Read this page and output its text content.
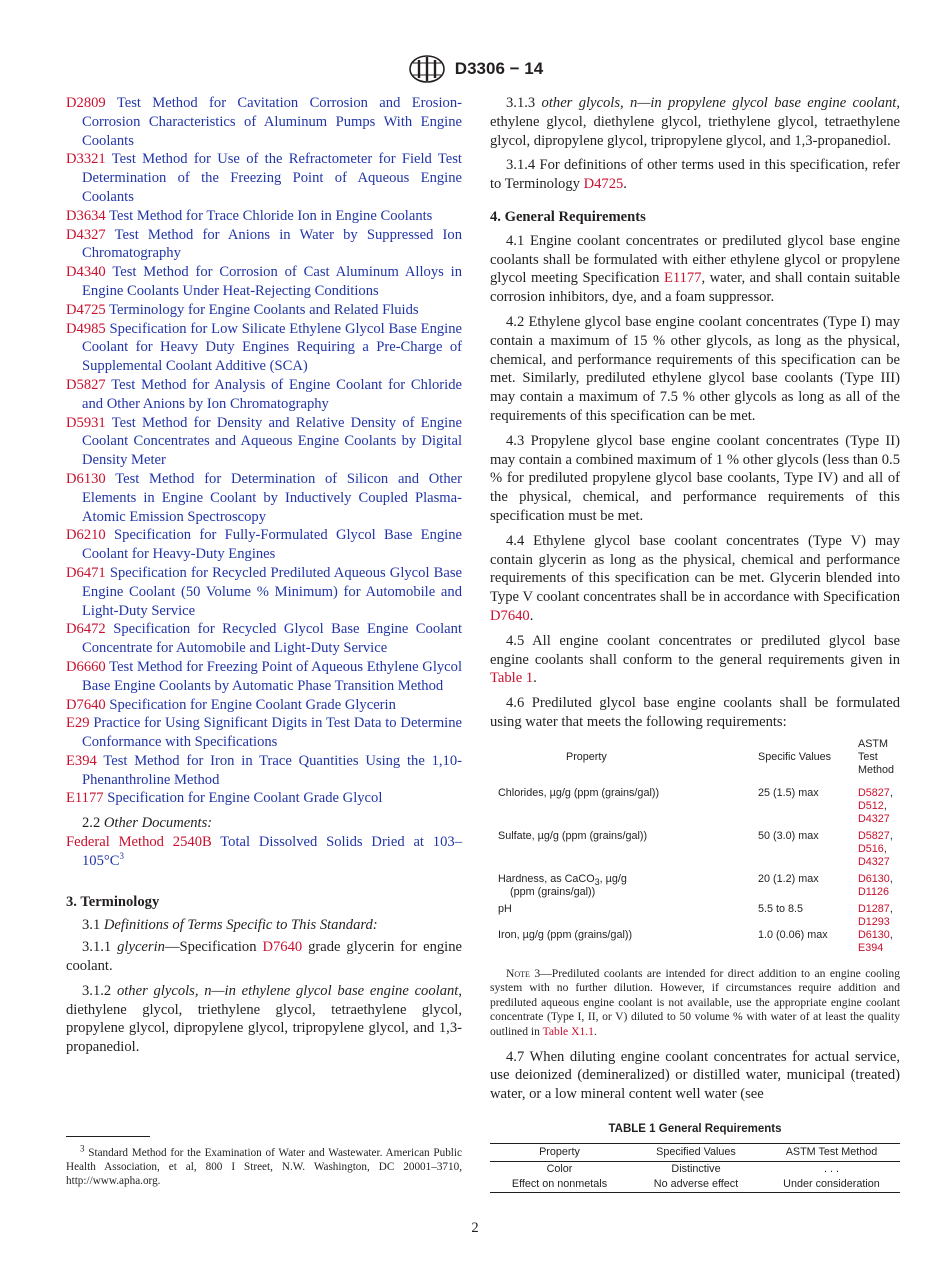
D3306 − 14

D2809 Test Method for Cavitation Corrosion and Erosion-Corrosion Characteristics of Aluminum Pumps With Engine Coolants

D3321 Test Method for Use of the Refractometer for Field Test Determination of the Freezing Point of Aqueous Engine Coolants

D3634 Test Method for Trace Chloride Ion in Engine Coolants

D4327 Test Method for Anions in Water by Suppressed Ion Chromatography

D4340 Test Method for Corrosion of Cast Aluminum Alloys in Engine Coolants Under Heat-Rejecting Conditions

D4725 Terminology for Engine Coolants and Related Fluids

D4985 Specification for Low Silicate Ethylene Glycol Base Engine Coolant for Heavy Duty Engines Requiring a Pre-Charge of Supplemental Coolant Additive (SCA)

D5827 Test Method for Analysis of Engine Coolant for Chloride and Other Anions by Ion Chromatography

D5931 Test Method for Density and Relative Density of Engine Coolant Concentrates and Aqueous Engine Coolants by Digital Density Meter

D6130 Test Method for Determination of Silicon and Other Elements in Engine Coolant by Inductively Coupled Plasma-Atomic Emission Spectroscopy

D6210 Specification for Fully-Formulated Glycol Base Engine Coolant for Heavy-Duty Engines

D6471 Specification for Recycled Prediluted Aqueous Glycol Base Engine Coolant (50 Volume % Minimum) for Automobile and Light-Duty Service

D6472 Specification for Recycled Glycol Base Engine Coolant Concentrate for Automobile and Light-Duty Service

D6660 Test Method for Freezing Point of Aqueous Ethylene Glycol Base Engine Coolants by Automatic Phase Transition Method

D7640 Specification for Engine Coolant Grade Glycerin

E29 Practice for Using Significant Digits in Test Data to Determine Conformance with Specifications

E394 Test Method for Iron in Trace Quantities Using the 1,10-Phenanthroline Method

E1177 Specification for Engine Coolant Grade Glycol

2.2 Other Documents:

Federal Method 2540B Total Dissolved Solids Dried at $103-105^\circ C^3$

3. Terminology

3.1 Definitions of Terms Specific to This Standard:

3.1.1 glycerin—Specification D7640 grade glycerin for engine coolant.

3.1.2 other glycols, n—in ethylene glycol base engine coolant, diethylene glycol, triethylene glycol, tetraethylene glycol, propylene glycol, dipropylene glycol, tripropylene glycol, and 1,3-propanediol.

3.1.3 other glycols, n—in propylene glycol base engine coolant, ethylene glycol, diethylene glycol, triethylene glycol, tetraethylene glycol, dipropylene glycol, tripropylene glycol, and 1,3-propanediol.

3.1.4 For definitions of other terms used in this specification, refer to Terminology D4725.

4. General Requirements

4.1 Engine coolant concentrates or prediluted glycol base engine coolants shall be formulated with either ethylene glycol or propylene glycol meeting Specification E1177, water, and shall contain suitable corrosion inhibitors, dye, and a foam suppressor.

4.2 Ethylene glycol base engine coolant concentrates (Type I) may contain a maximum of 15 % other glycols, as long as the physical, chemical, and performance requirements of this specification can be met. Similarly, prediluted ethylene glycol base coolants (Type III) may contain a maximum of 7.5 % other glycols as long as all of the requirements of this specification can be met.

4.3 Propylene glycol base engine coolant concentrates (Type II) may contain a combined maximum of 1 % other glycols (less than 0.5 % for prediluted propylene glycol base coolants, Type IV) and all of the physical, chemical, and performance requirements of this specification must be met.

4.4 Ethylene glycol base coolant concentrates (Type V) may contain glycerin as long as the physical, chemical and performance requirements of this specification can be met. Glycerin blended into Type V coolant concentrates shall be in accordance with Specification D7640.

4.5 All engine coolant concentrates or prediluted glycol base engine coolants shall conform to the general requirements given in Table 1.

4.6 Prediluted glycol base engine coolants shall be formulated using water that meets the following requirements:

Property	Specific Values	ASTM Test Method
Chlorides, µg/g (ppm (grains/gal))	25 (1.5) max	D5827, D512,
D4327
Sulfate, µg/g (ppm (grains/gal))	50 (3.0) max	D5827, D516,
D4327
Hardness, as CaCO$_3$, µg/g
(ppm (grains/gal))	20 (1.2) max	D6130, D1126
pH	5.5 to 8.5	D1287, D1293
Iron, µg/g (ppm (grains/gal))	1.0 (0.06) max	D6130, E394

Note 3—Prediluted coolants are intended for direct addition to an engine cooling system with no further dilution. However, if circumstances require addition and prediluted aqueous engine coolant is not available, use the appropriate engine coolant concentrate (Type I, II, or V) diluted to 50 volume % with water of at least the quality outlined in Table X1.1.

4.7 When diluting engine coolant concentrates for actual service, use deionized (demineralized) or distilled water, municipal (treated) water, or a low mineral content well water (see

TABLE 1 General Requirements
Property	Specified Values	ASTM Test Method
Color	Distinctive	. . .
Effect on nonmetals	No adverse effect	Under consideration

$^3$ Standard Method for the Examination of Water and Wastewater. American Public Health Association, et al, 800 I Street, N.W. Washington, DC 20001–3710, http://www.apha.org.

2
